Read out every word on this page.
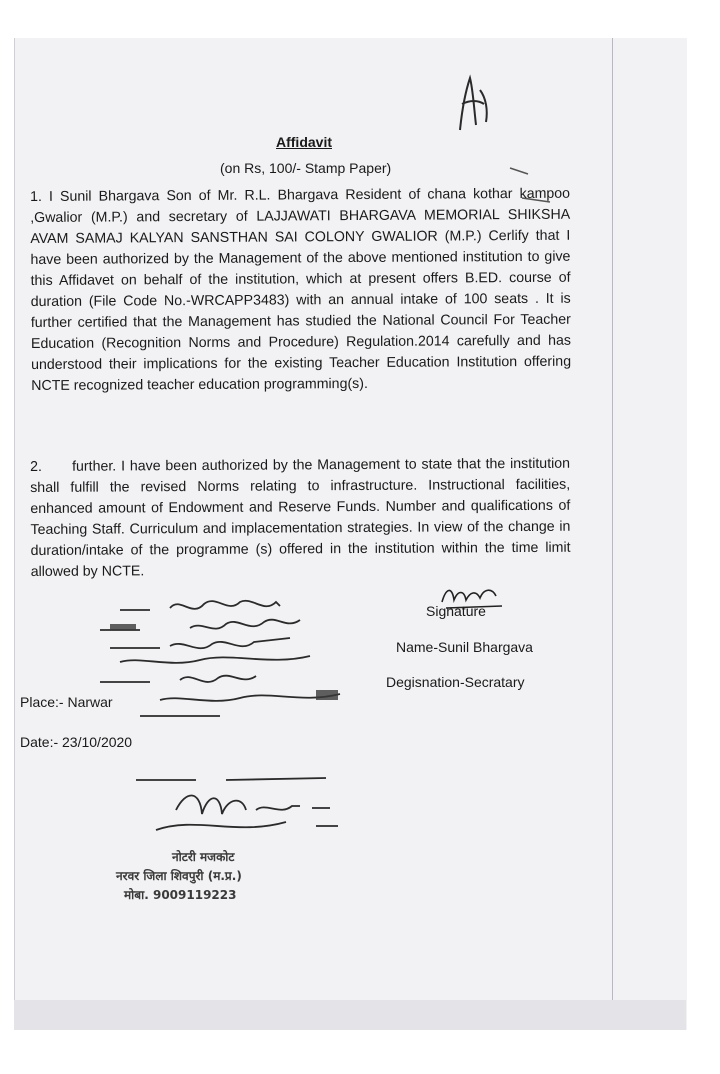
Affidavit
(on Rs, 100/- Stamp Paper)

1. I Sunil Bhargava Son of Mr. R.L. Bhargava Resident of chana kothar kampoo ,Gwalior (M.P.) and secretary of LAJJAWATI BHARGAVA MEMORIAL SHIKSHA AVAM SAMAJ KALYAN SANSTHAN SAI COLONY GWALIOR (M.P.) Cerlify that I have been authorized by the Management of the above mentioned institution to give this Affidavet on behalf of the institution, which at present offers B.ED. course of duration (File Code No.-WRCAPP3483) with an annual intake of 100 seats . It is further certified that the Management has studied the National Council For Teacher Education (Recognition Norms and Procedure) Regulation.2014 carefully and has understood their implications for the existing Teacher Education Institution offering NCTE recognized teacher education programming(s).

2. further. I have been authorized by the Management to state that the institution shall fulfill the revised Norms relating to infrastructure. Instructional facilities, enhanced amount of Endowment and Reserve Funds. Number and qualifications of Teaching Staff. Curriculum and implacementation strategies. In view of the change in duration/intake of the programme (s) offered in the institution within the time limit allowed by NCTE.

Signature
Name-Sunil Bhargava
Degisnation-Secratary
Place:- Narwar
Date:- 23/10/2020
नोटरी मजकोट
नरवर जिला शिवपुरी (म.प्र.)
मोबा. 9009119223
